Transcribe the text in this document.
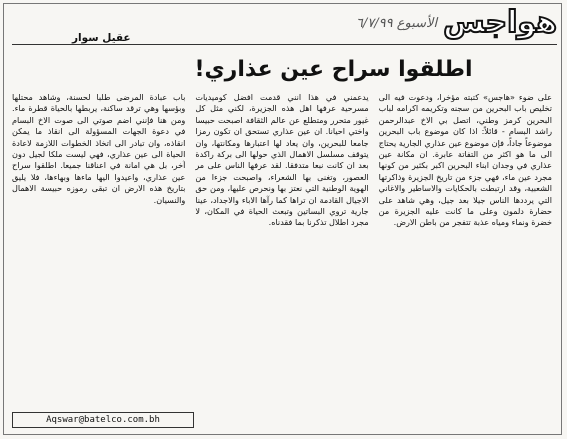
هواجس
الأسبوع ٦/٧/٩٩
عقيل سوار
اطلقوا سراح عين عذاري!

على ضوء «هاجس» كتبته مؤخرا، ودعوت فيه الى تخليص باب البحرين من سجنه وتكريمه اكرامه لباب البحرين كرمز وطني، اتصل بي الاخ عبدالرحمن راشد البسام - قائلاً: اذا كان موضوع باب البحرين موضوعاً جاداً، فإن موضوع عين عذاري الجارية يحتاج الى ما هو اكثر من التفاتة عابرة. ان مكانة عين عذاري في وجدان ابناء البحرين اكبر بكثير من كونها مجرد عين ماء، فهي جزء من تاريخ الجزيرة وذاكرتها الشعبية، وقد ارتبطت بالحكايات والاساطير والاغاني التي يرددها الناس جيلا بعد جيل، وهي شاهد على حضارة دلمون وعلى ما كانت عليه الجزيرة من خضرة ونماء ومياه عذبة تتفجر من باطن الارض.

يدعمني في هذا انني قدمت افضل كوميديات مسرحية عرفها اهل هذه الجزيرة، لكني مثل كل غيور متحرر ومتطلع عن عالم الثقافة اصبحت حبيسا واختي احيانا. ان عين عذاري تستحق ان تكون رمزا جامعا للبحرين، وان يعاد لها اعتبارها ومكانتها، وان يتوقف مسلسل الاهمال الذي حولها الى بركة راكدة بعد ان كانت نبعا متدفقا. لقد عرفها الناس على مر العصور، وتغنى بها الشعراء، واصبحت جزءا من الهوية الوطنية التي نعتز بها ونحرص عليها، ومن حق الاجيال القادمة ان تراها كما رآها الاباء والاجداد، عينا جارية تروي البساتين وتبعث الحياة في المكان، لا مجرد اطلال تذكرنا بما فقدناه.

باب عبادة المرضى طلبا لحسنة، وشاهد محتلها وبؤسها وهي ترقد ساكنة، يربطها بالحياة قطرة ماء. ومن هنا فإنني اضم صوتي الى صوت الاخ البسام في دعوة الجهات المسؤولة الى انقاذ ما يمكن انقاذه، وان تبادر الى اتخاذ الخطوات اللازمة لاعادة الحياة الى عين عذاري، فهي ليست ملكا لجيل دون آخر، بل هي امانة في اعناقنا جميعا. اطلقوا سراح عين عذاري، واعيدوا اليها ماءها وبهاءها، فلا يليق بتاريخ هذه الارض ان تبقى رموزه حبيسة الاهمال والنسيان.

Aqswar@batelco.com.bh
